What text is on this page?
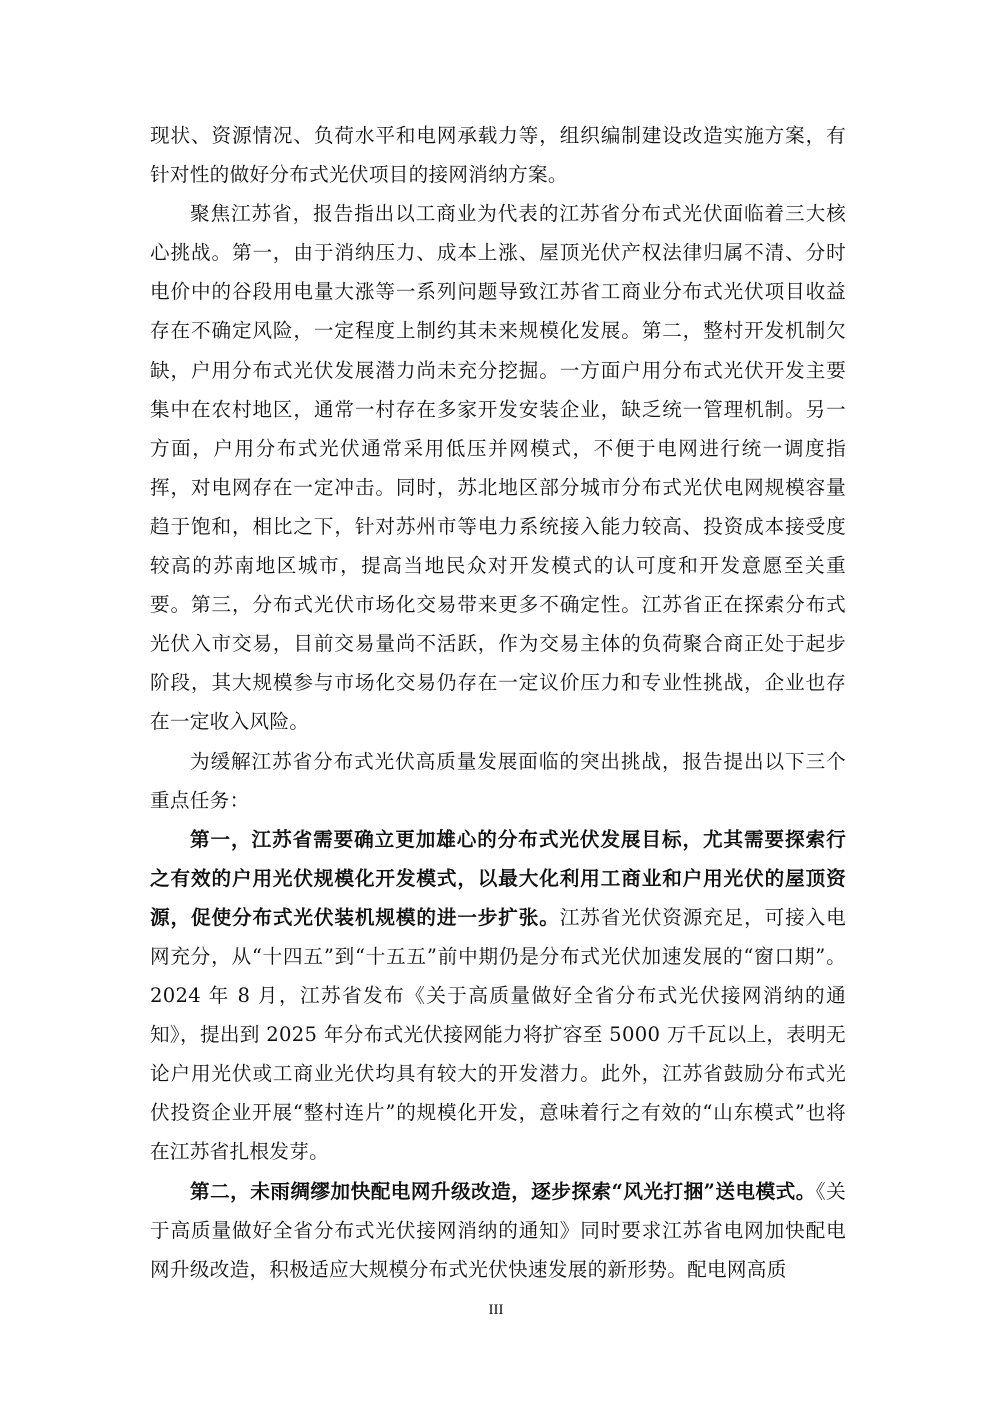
现状、资源情况、负荷水平和电网承载力等，组织编制建设改造实施方案，有针对性的做好分布式光伏项目的接网消纳方案。

聚焦江苏省，报告指出以工商业为代表的江苏省分布式光伏面临着三大核心挑战。第一，由于消纳压力、成本上涨、屋顶光伏产权法律归属不清、分时电价中的谷段用电量大涨等一系列问题导致江苏省工商业分布式光伏项目收益存在不确定风险，一定程度上制约其未来规模化发展。第二，整村开发机制欠缺，户用分布式光伏发展潜力尚未充分挖掘。一方面户用分布式光伏开发主要集中在农村地区，通常一村存在多家开发安装企业，缺乏统一管理机制。另一方面，户用分布式光伏通常采用低压并网模式，不便于电网进行统一调度指挥，对电网存在一定冲击。同时，苏北地区部分城市分布式光伏电网规模容量趋于饱和，相比之下，针对苏州市等电力系统接入能力较高、投资成本接受度较高的苏南地区城市，提高当地民众对开发模式的认可度和开发意愿至关重要。第三，分布式光伏市场化交易带来更多不确定性。江苏省正在探索分布式光伏入市交易，目前交易量尚不活跃，作为交易主体的负荷聚合商正处于起步阶段，其大规模参与市场化交易仍存在一定议价压力和专业性挑战，企业也存在一定收入风险。

为缓解江苏省分布式光伏高质量发展面临的突出挑战，报告提出以下三个重点任务：

第一，江苏省需要确立更加雄心的分布式光伏发展目标，尤其需要探索行之有效的户用光伏规模化开发模式，以最大化利用工商业和户用光伏的屋顶资源，促使分布式光伏装机规模的进一步扩张。江苏省光伏资源充足，可接入电网充分，从“十四五”到“十五五”前中期仍是分布式光伏加速发展的“窗口期”。2024 年 8 月，江苏省发布《关于高质量做好全省分布式光伏接网消纳的通知》，提出到 2025 年分布式光伏接网能力将扩容至 5000 万千瓦以上，表明无论户用光伏或工商业光伏均具有较大的开发潜力。此外，江苏省鼓励分布式光伏投资企业开展“整村连片”的规模化开发，意味着行之有效的“山东模式”也将在江苏省扎根发芽。

第二，未雨绸缪加快配电网升级改造，逐步探索“风光打捆”送电模式。《关于高质量做好全省分布式光伏接网消纳的通知》同时要求江苏省电网加快配电网升级改造，积极适应大规模分布式光伏快速发展的新形势。配电网高质

III
